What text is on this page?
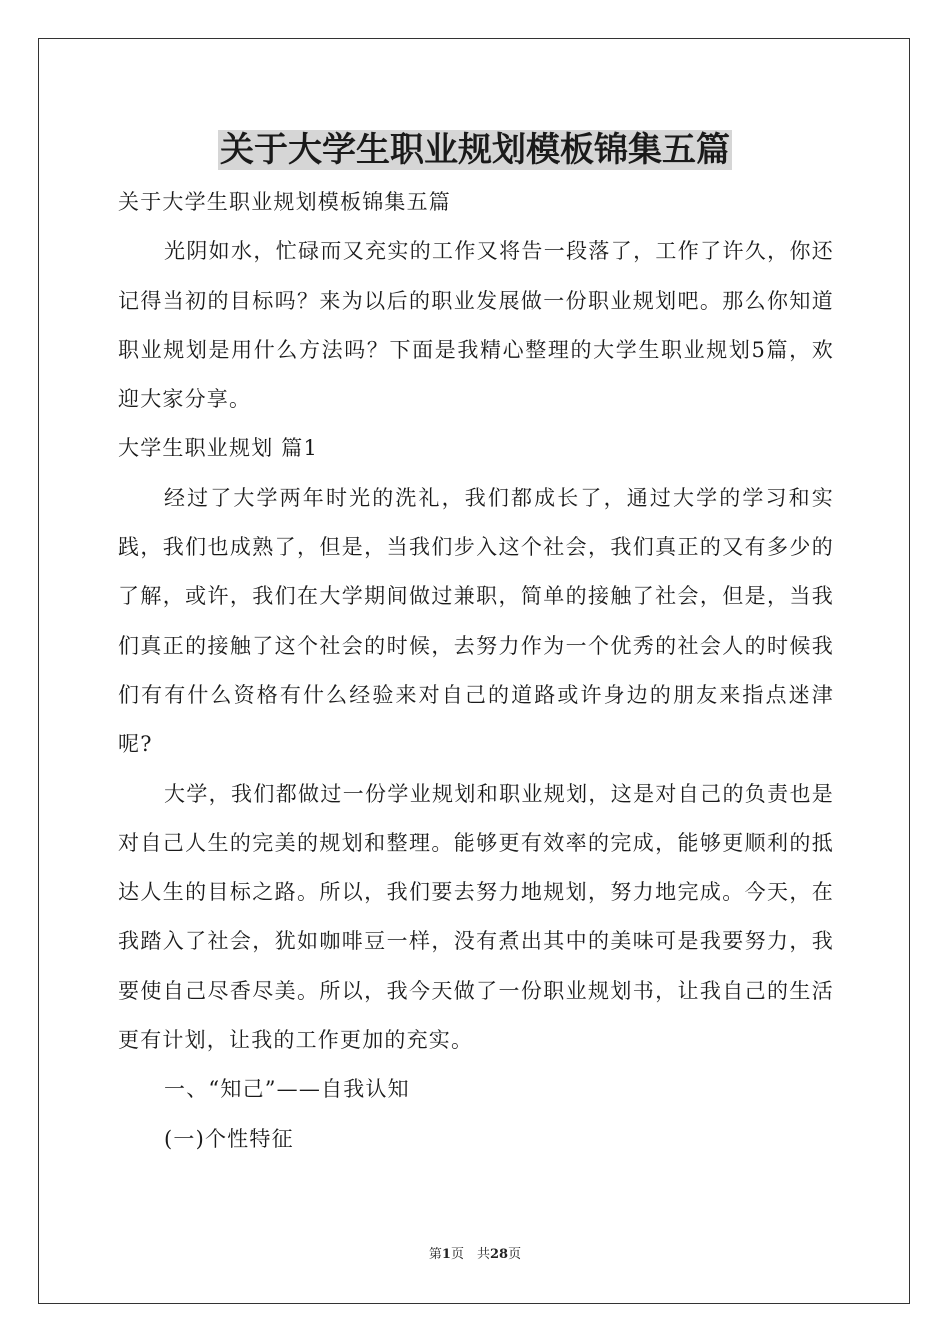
关于大学生职业规划模板锦集五篇

关于大学生职业规划模板锦集五篇

光阴如水，忙碌而又充实的工作又将告一段落了，工作了许久，你还记得当初的目标吗？来为以后的职业发展做一份职业规划吧。那么你知道职业规划是用什么方法吗？下面是我精心整理的大学生职业规划5篇，欢迎大家分享。

大学生职业规划 篇1

经过了大学两年时光的洗礼，我们都成长了，通过大学的学习和实践，我们也成熟了，但是，当我们步入这个社会，我们真正的又有多少的了解，或许，我们在大学期间做过兼职，简单的接触了社会，但是，当我们真正的接触了这个社会的时候，去努力作为一个优秀的社会人的时候我们有有什么资格有什么经验来对自己的道路或许身边的朋友来指点迷津呢?

大学，我们都做过一份学业规划和职业规划，这是对自己的负责也是对自己人生的完美的规划和整理。能够更有效率的完成，能够更顺利的抵达人生的目标之路。所以，我们要去努力地规划，努力地完成。今天，在我踏入了社会，犹如咖啡豆一样，没有煮出其中的美味可是我要努力，我要使自己尽香尽美。所以，我今天做了一份职业规划书，让我自己的生活更有计划，让我的工作更加的充实。

一、“知己”——自我认知

(一)个性特征

第1页　共28页
